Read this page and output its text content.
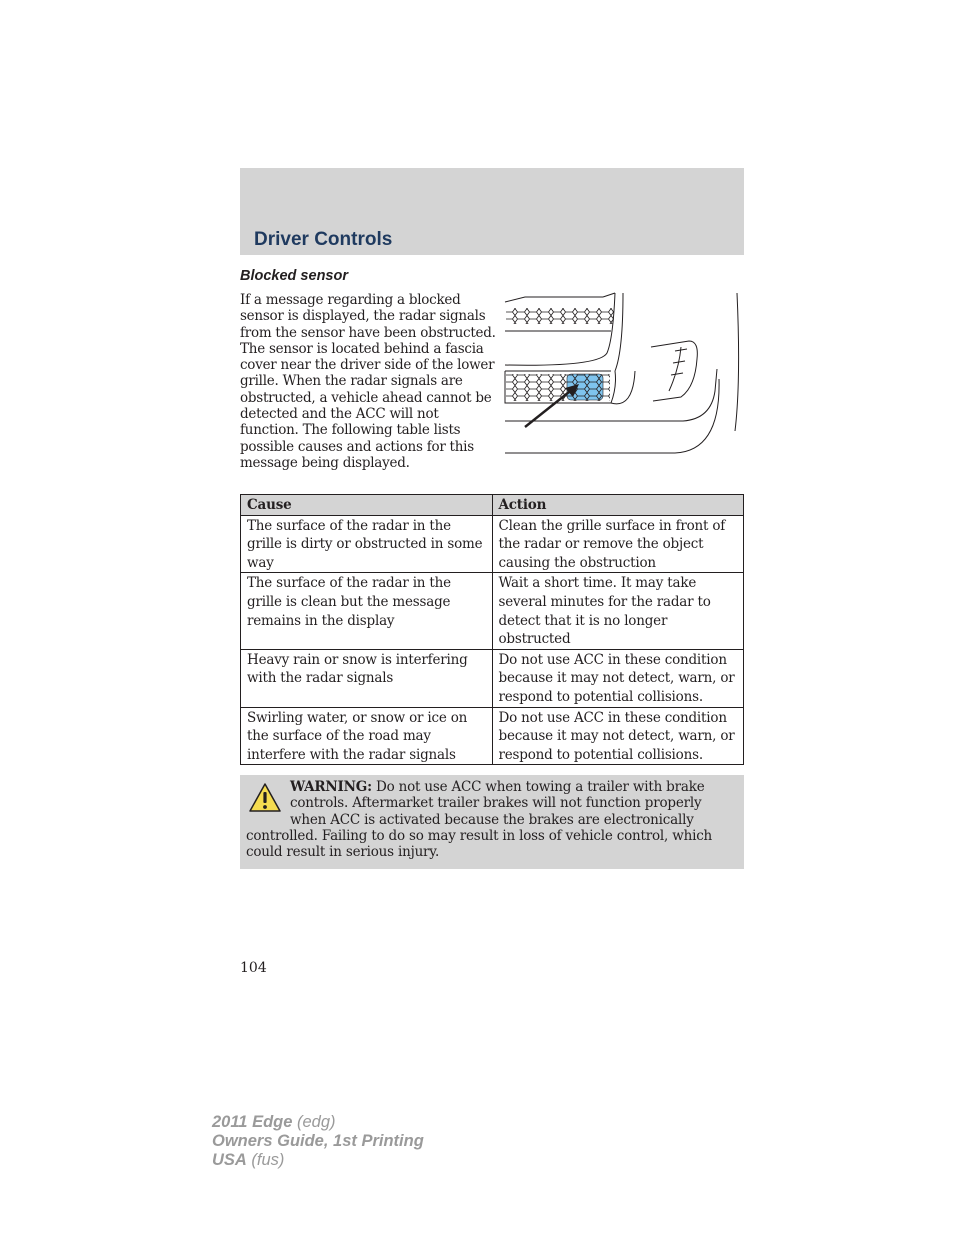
Driver Controls
Blocked sensor

If a message regarding a blocked sensor is displayed, the radar signals from the sensor have been obstructed. The sensor is located behind a fascia cover near the driver side of the lower grille. When the radar signals are obstructed, a vehicle ahead cannot be detected and the ACC will not function. The following table lists possible causes and actions for this message being displayed.

Cause	Action
The surface of the radar in the grille is dirty or obstructed in some way	Clean the grille surface in front of the radar or remove the object causing the obstruction
The surface of the radar in the grille is clean but the message remains in the display	Wait a short time. It may take several minutes for the radar to detect that it is no longer obstructed
Heavy rain or snow is interfering with the radar signals	Do not use ACC in these condition because it may not detect, warn, or respond to potential collisions.
Swirling water, or snow or ice on the surface of the road may interfere with the radar signals	Do not use ACC in these condition because it may not detect, warn, or respond to potential collisions.

WARNING: Do not use ACC when towing a trailer with brake controls. Aftermarket trailer brakes will not function properly when ACC is activated because the brakes are electronically controlled. Failing to do so may result in loss of vehicle control, which could result in serious injury.

104

2011 Edge (edg)
Owners Guide, 1st Printing
USA (fus)
